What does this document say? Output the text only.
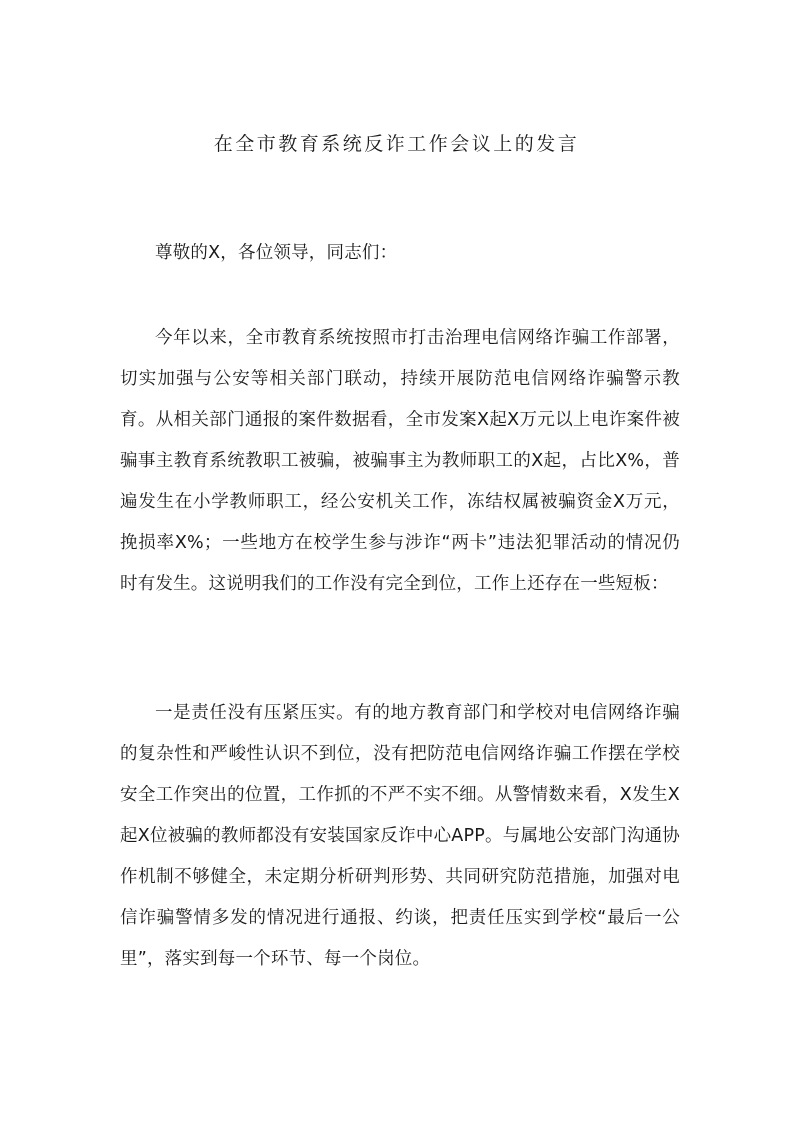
在全市教育系统反诈工作会议上的发言

尊敬的X，各位领导，同志们：

今年以来，全市教育系统按照市打击治理电信网络诈骗工作部署，切实加强与公安等相关部门联动，持续开展防范电信网络诈骗警示教育。从相关部门通报的案件数据看，全市发案X起X万元以上电诈案件被骗事主教育系统教职工被骗，被骗事主为教师职工的X起，占比X%，普遍发生在小学教师职工，经公安机关工作，冻结权属被骗资金X万元，挽损率X%；一些地方在校学生参与涉诈“两卡”违法犯罪活动的情况仍时有发生。这说明我们的工作没有完全到位，工作上还存在一些短板：

一是责任没有压紧压实。有的地方教育部门和学校对电信网络诈骗的复杂性和严峻性认识不到位，没有把防范电信网络诈骗工作摆在学校安全工作突出的位置，工作抓的不严不实不细。从警情数来看，X发生X起X位被骗的教师都没有安装国家反诈中心APP。与属地公安部门沟通协作机制不够健全，未定期分析研判形势、共同研究防范措施，加强对电信诈骗警情多发的情况进行通报、约谈，把责任压实到学校“最后一公里”，落实到每一个环节、每一个岗位。
